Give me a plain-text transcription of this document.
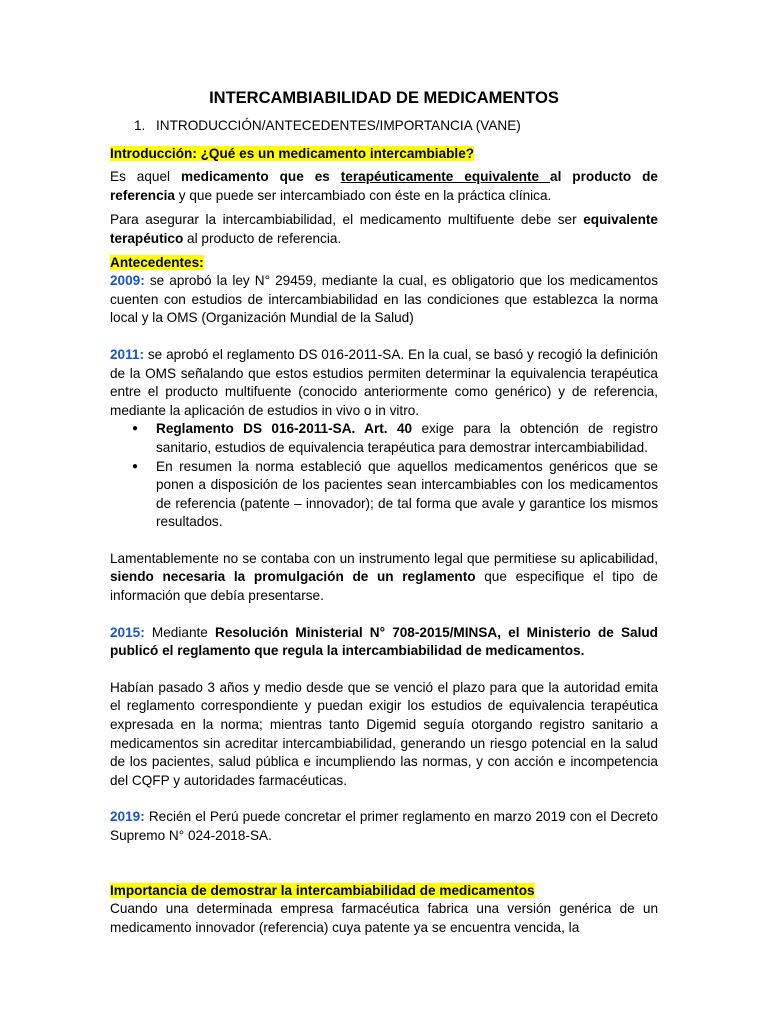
INTERCAMBIABILIDAD DE MEDICAMENTOS
1. INTRODUCCIÓN/ANTECEDENTES/IMPORTANCIA (VANE)

Introducción: ¿Qué es un medicamento intercambiable?

Es aquel medicamento que es terapéuticamente equivalente al producto de referencia y que puede ser intercambiado con éste en la práctica clínica.

Para asegurar la intercambiabilidad, el medicamento multifuente debe ser equivalente terapéutico al producto de referencia.

Antecedentes:

2009: se aprobó la ley N° 29459, mediante la cual, es obligatorio que los medicamentos cuenten con estudios de intercambiabilidad en las condiciones que establezca la norma local y la OMS (Organización Mundial de la Salud)

2011: se aprobó el reglamento DS 016-2011-SA. En la cual, se basó y recogió la definición de la OMS señalando que estos estudios permiten determinar la equivalencia terapéutica entre el producto multifuente (conocido anteriormente como genérico) y de referencia, mediante la aplicación de estudios in vivo o in vitro.

● Reglamento DS 016-2011-SA. Art. 40 exige para la obtención de registro sanitario, estudios de equivalencia terapéutica para demostrar intercambiabilidad.
● En resumen la norma estableció que aquellos medicamentos genéricos que se ponen a disposición de los pacientes sean intercambiables con los medicamentos de referencia (patente – innovador); de tal forma que avale y garantice los mismos resultados.

Lamentablemente no se contaba con un instrumento legal que permitiese su aplicabilidad, siendo necesaria la promulgación de un reglamento que especifique el tipo de información que debía presentarse.

2015: Mediante Resolución Ministerial N° 708-2015/MINSA, el Ministerio de Salud publicó el reglamento que regula la intercambiabilidad de medicamentos.

Habían pasado 3 años y medio desde que se venció el plazo para que la autoridad emita el reglamento correspondiente y puedan exigir los estudios de equivalencia terapéutica expresada en la norma; mientras tanto Digemid seguía otorgando registro sanitario a medicamentos sin acreditar intercambiabilidad, generando un riesgo potencial en la salud de los pacientes, salud pública e incumpliendo las normas, y con acción e incompetencia del CQFP y autoridades farmacéuticas.

2019: Recién el Perú puede concretar el primer reglamento en marzo 2019 con el Decreto Supremo N° 024-2018-SA.

Importancia de demostrar la intercambiabilidad de medicamentos

Cuando una determinada empresa farmacéutica fabrica una versión genérica de un medicamento innovador (referencia) cuya patente ya se encuentra vencida, la
